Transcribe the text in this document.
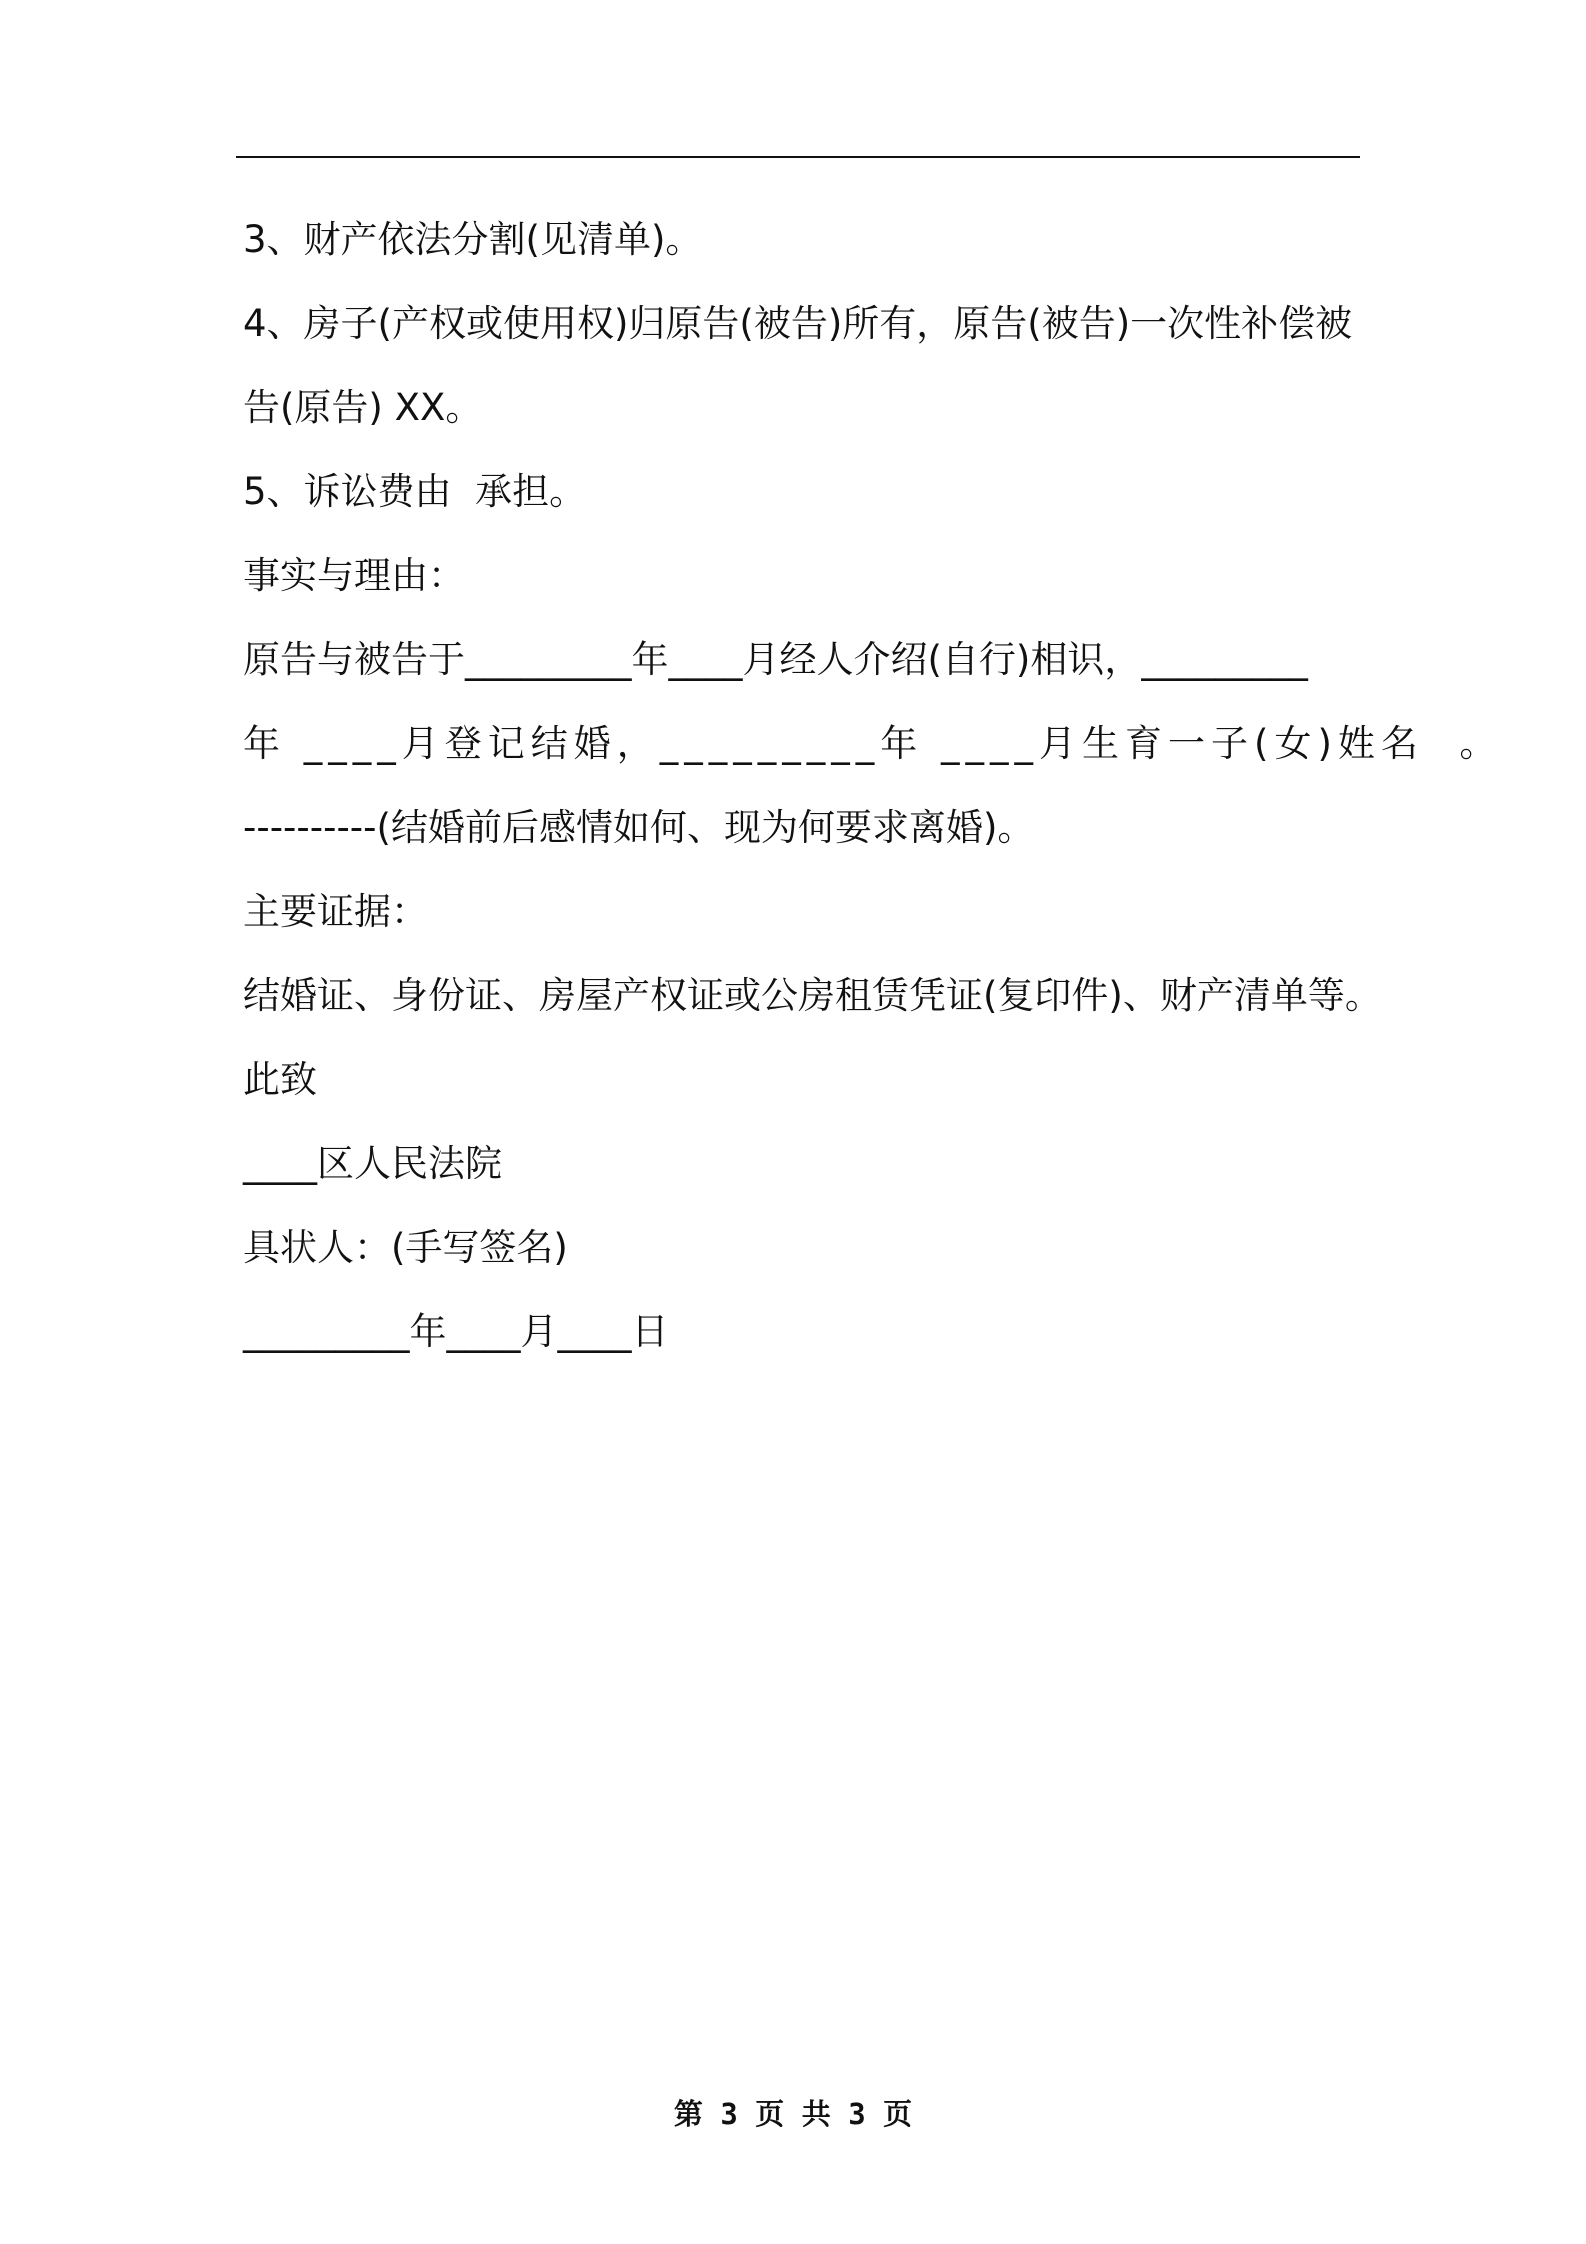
3、财产依法分割(见清单)。

4、房子(产权或使用权)归原告(被告)所有，原告(被告)一次性补偿被

告(原告) XX。

5、诉讼费由  承担。

事实与理由：

原告与被告于_________年____月经人介绍(自行)相识，_________

年 ____月登记结婚，_________年 ____月生育一子(女)姓名  。

----------(结婚前后感情如何、现为何要求离婚)。

主要证据：

结婚证、身份证、房屋产权证或公房租赁凭证(复印件)、财产清单等。

此致

____区人民法院

具状人：(手写签名)

_________年____月____日

第 3 页 共 3 页
